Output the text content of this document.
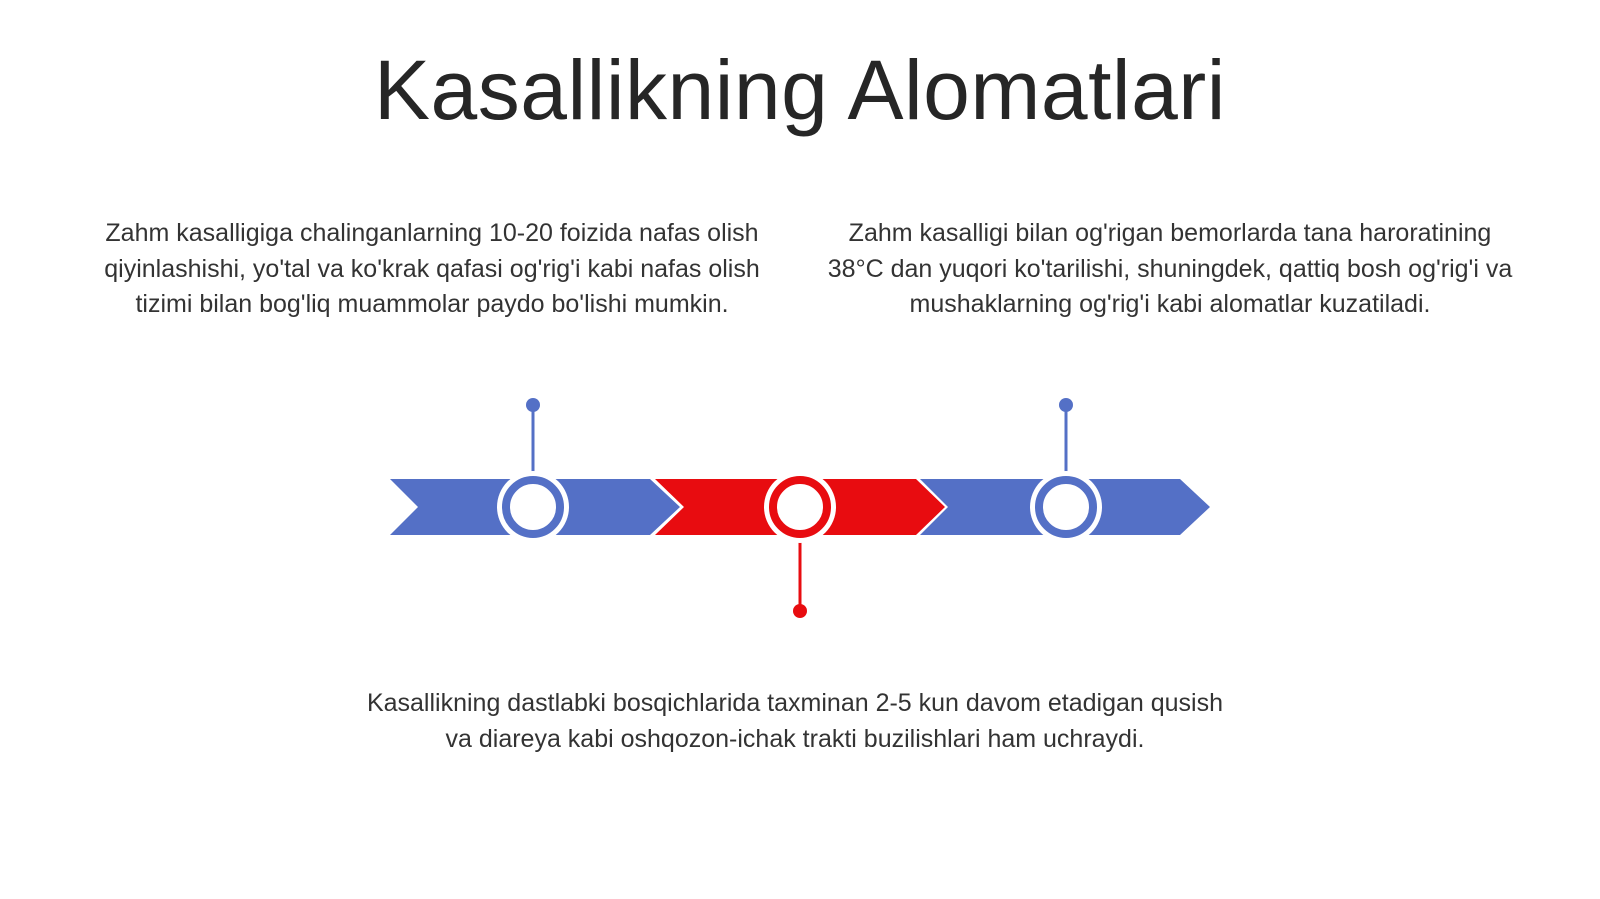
Kasallikning Alomatlari
Zahm kasalligiga chalinganlarning 10-20 foizida nafas olish qiyinlashishi, yo'tal va ko'krak qafasi og'rig'i kabi nafas olish tizimi bilan bog'liq muammolar paydo bo'lishi mumkin.
Zahm kasalligi bilan og'rigan bemorlarda tana haroratining 38°C dan yuqori ko'tarilishi, shuningdek, qattiq bosh og'rig'i va mushaklarning og'rig'i kabi alomatlar kuzatiladi.
Kasallikning dastlabki bosqichlarida taxminan 2-5 kun davom etadigan qusish va diareya kabi oshqozon-ichak trakti buzilishlari ham uchraydi.
